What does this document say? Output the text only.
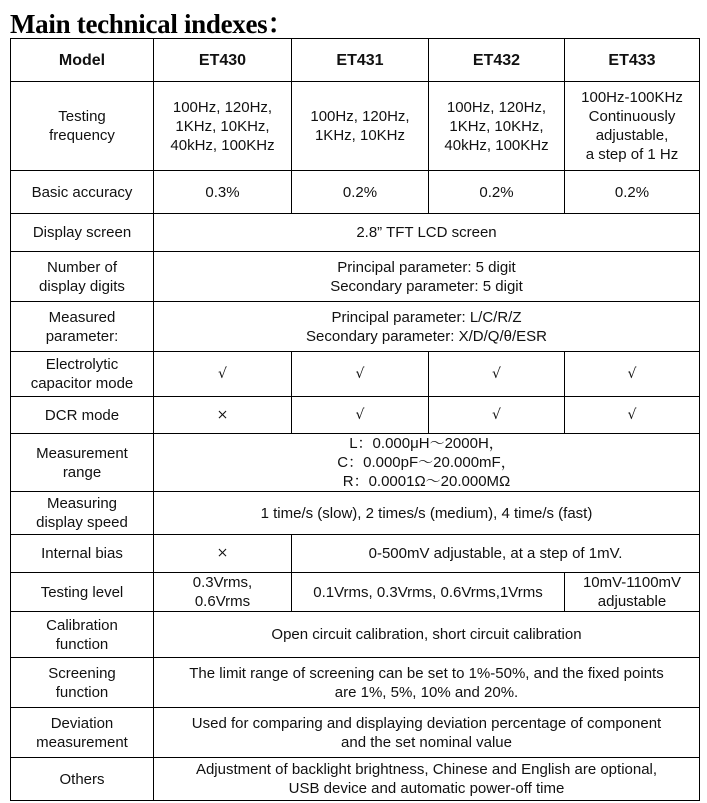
Main technical indexes：
Model	ET430	ET431	ET432	ET433

Testing
frequency	100Hz, 120Hz,
1KHz, 10KHz,
40kHz, 100KHz	100Hz, 120Hz,
1KHz, 10KHz	100Hz, 120Hz,
1KHz, 10KHz,
40kHz, 100KHz	100Hz-100KHz
Continuously
adjustable,
a step of 1 Hz

Basic accuracy	0.3%	0.2%	0.2%	0.2%
Display screen	2.8” TFT LCD screen			

Number of
display digits	Principal parameter: 5 digit
Secondary parameter: 5 digit			

Measured
parameter:	Principal parameter: L/C/R/Z
Secondary parameter: X/D/Q/θ/ESR			

Electrolytic
capacitor mode	√	√	√	√
DCR mode	×	√	√	√

Measurement
range	L：0.000μH～2000H，
C：0.000pF～20.000mF，
R：0.0001Ω～20.000MΩ			

Measuring
display speed	1 time/s (slow), 2 times/s (medium), 4 time/s (fast)			
Internal bias	×	0-500mV adjustable, at a step of 1mV.		
Testing level	0.3Vrms,
0.6Vrms	0.1Vrms, 0.3Vrms, 0.6Vrms,1Vrms		10mV-1100mV
adjustable

Calibration
function	Open circuit calibration, short circuit calibration			

Screening
function	The limit range of screening can be set to 1%-50%, and the fixed points
are 1%, 5%, 10% and 20%.			

Deviation
measurement	Used for comparing and displaying deviation percentage of component
and the set nominal value			

Others	Adjustment of backlight brightness, Chinese and English are optional,
USB device and automatic power-off time			
